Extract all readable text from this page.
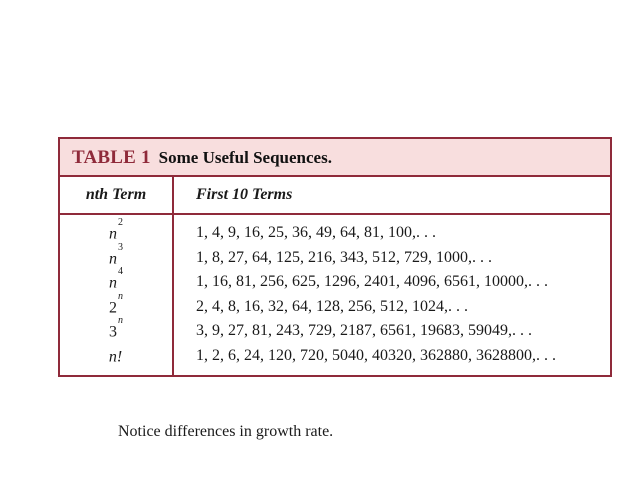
TABLE 1 Some Useful Sequences.
nth Term	First 10 Terms
$n^2$
1, 4, 9, 16, 25, 36, 49, 64, 81, 100,. . .
$n^3$
1, 8, 27, 64, 125, 216, 343, 512, 729, 1000,. . .
$n^4$
1, 16, 81, 256, 625, 1296, 2401, 4096, 6561, 10000,. . .
2$^n$
2, 4, 8, 16, 32, 64, 128, 256, 512, 1024,. . .
3$^n$
3, 9, 27, 81, 243, 729, 2187, 6561, 19683, 59049,. . .
n!	1, 2, 6, 24, 120, 720, 5040, 40320, 362880, 3628800,. . .
Notice differences in growth rate.
